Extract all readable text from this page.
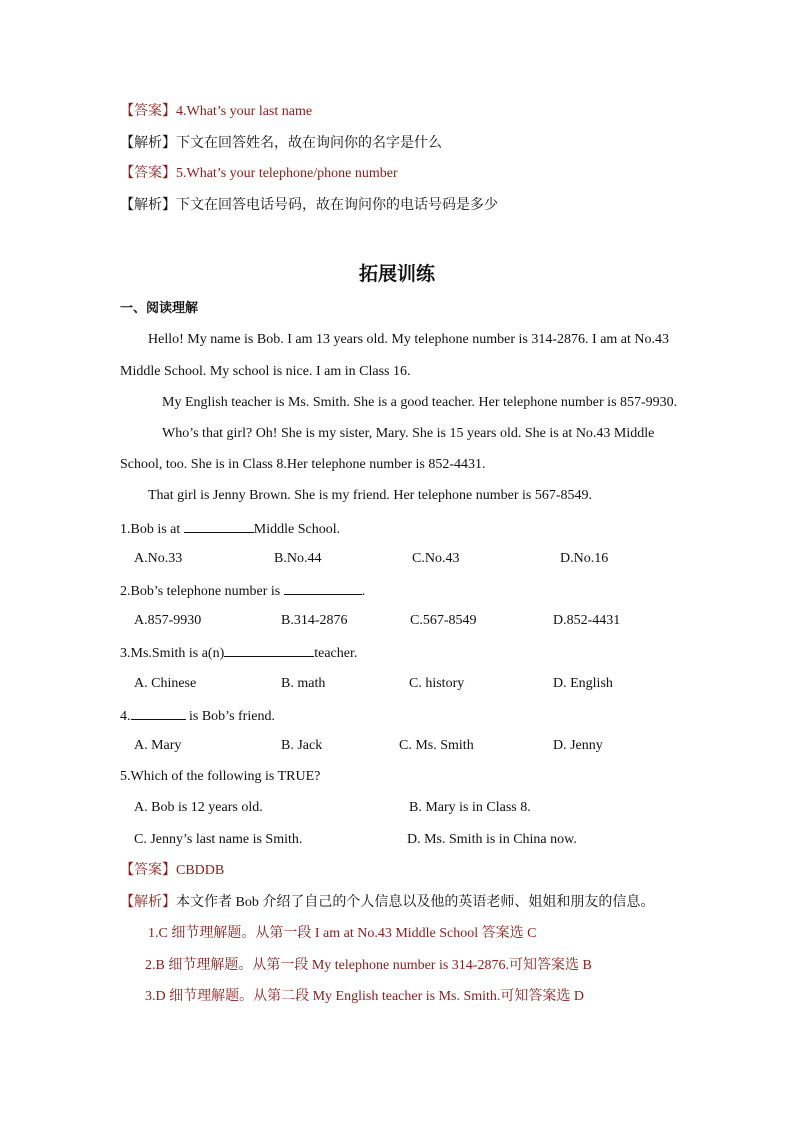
【答案】4.What’s your last name
【解析】下文在回答姓名，故在询问你的名字是什么
【答案】5.What’s your telephone/phone number
【解析】下文在回答电话号码，故在询问你的电话号码是多少
拓展训练
一、阅读理解
Hello! My name is Bob. I am 13 years old. My telephone number is 314-2876. I am at No.43
Middle School. My school is nice. I am in Class 16.
My English teacher is Ms. Smith. She is a good teacher. Her telephone number is 857-9930.
Who’s that girl? Oh! She is my sister, Mary. She is 15 years old. She is at No.43 Middle
School, too. She is in Class 8.Her telephone number is 852-4431.
That girl is Jenny Brown. She is my friend. Her telephone number is 567-8549.
1.Bob is at	Middle School.
A.No.33	B.No.44	C.No.43	D.No.16
2.Bob’s telephone number is	.
A.857-9930	B.314-2876	C.567-8549	D.852-4431
3.Ms.Smith is a(n)	teacher.
A. Chinese	B. math	C. history	D. English
4.	is Bob’s friend.
A. Mary	B. Jack	C. Ms. Smith	D. Jenny
5.Which of the following is TRUE?
A. Bob is 12 years old.	B. Mary is in Class 8.
C. Jenny’s last name is Smith.	D. Ms. Smith is in China now.
【答案】CBDDB
【解析】本文作者 Bob 介绍了自己的个人信息以及他的英语老师、姐姐和朋友的信息。
1.C 细节理解题。从第一段 I am at No.43 Middle School 答案选 C
2.B 细节理解题。从第一段 My telephone number is 314-2876.可知答案选 B
3.D 细节理解题。从第二段 My English teacher is Ms. Smith.可知答案选 D
